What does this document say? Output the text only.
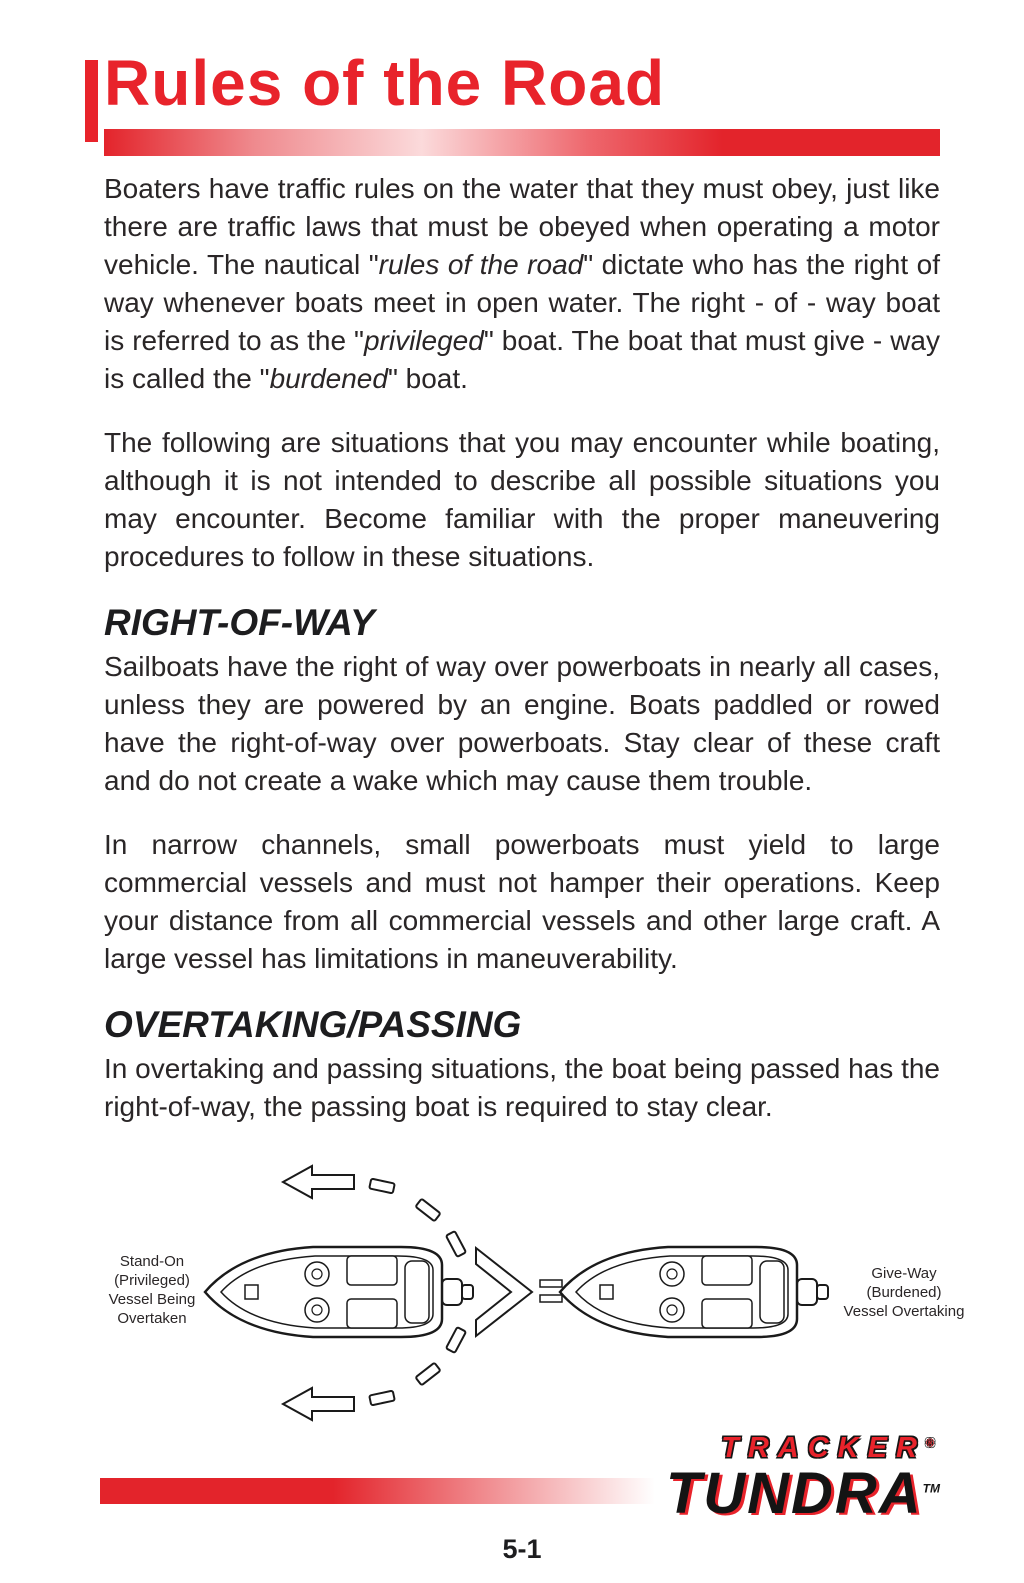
Rules of the Road

Boaters have traffic rules on the water that they must obey, just like there are traffic laws that must be obeyed when operating a motor vehicle. The nautical "rules of the road" dictate who has the right of way whenever boats meet in open water. The right - of - way boat is referred to as the "privileged" boat. The boat that must give - way is called the "burdened" boat.

The following are situations that you may encounter while boating, although it is not intended to describe all possible situations you may encounter. Become familiar with the proper maneuvering procedures to follow in these situations.

RIGHT-OF-WAY

Sailboats have the right of way over powerboats in nearly all cases, unless they are powered by an engine. Boats paddled or rowed have the right-of-way over powerboats. Stay clear of these craft and do not create a wake which may cause them trouble.

In narrow channels, small powerboats must yield to large commercial vessels and must not hamper their operations. Keep your distance from all commercial vessels and other large craft. A large vessel has limitations in maneuverability.

OVERTAKING/PASSING

In overtaking and passing situations, the boat being passed has the right-of-way, the passing boat is required to stay clear.

Stand-On
(Privileged)
Vessel Being
Overtaken
Give-Way
(Burdened)
Vessel Overtaking
TRACKER®
TUNDRA™
5-1
